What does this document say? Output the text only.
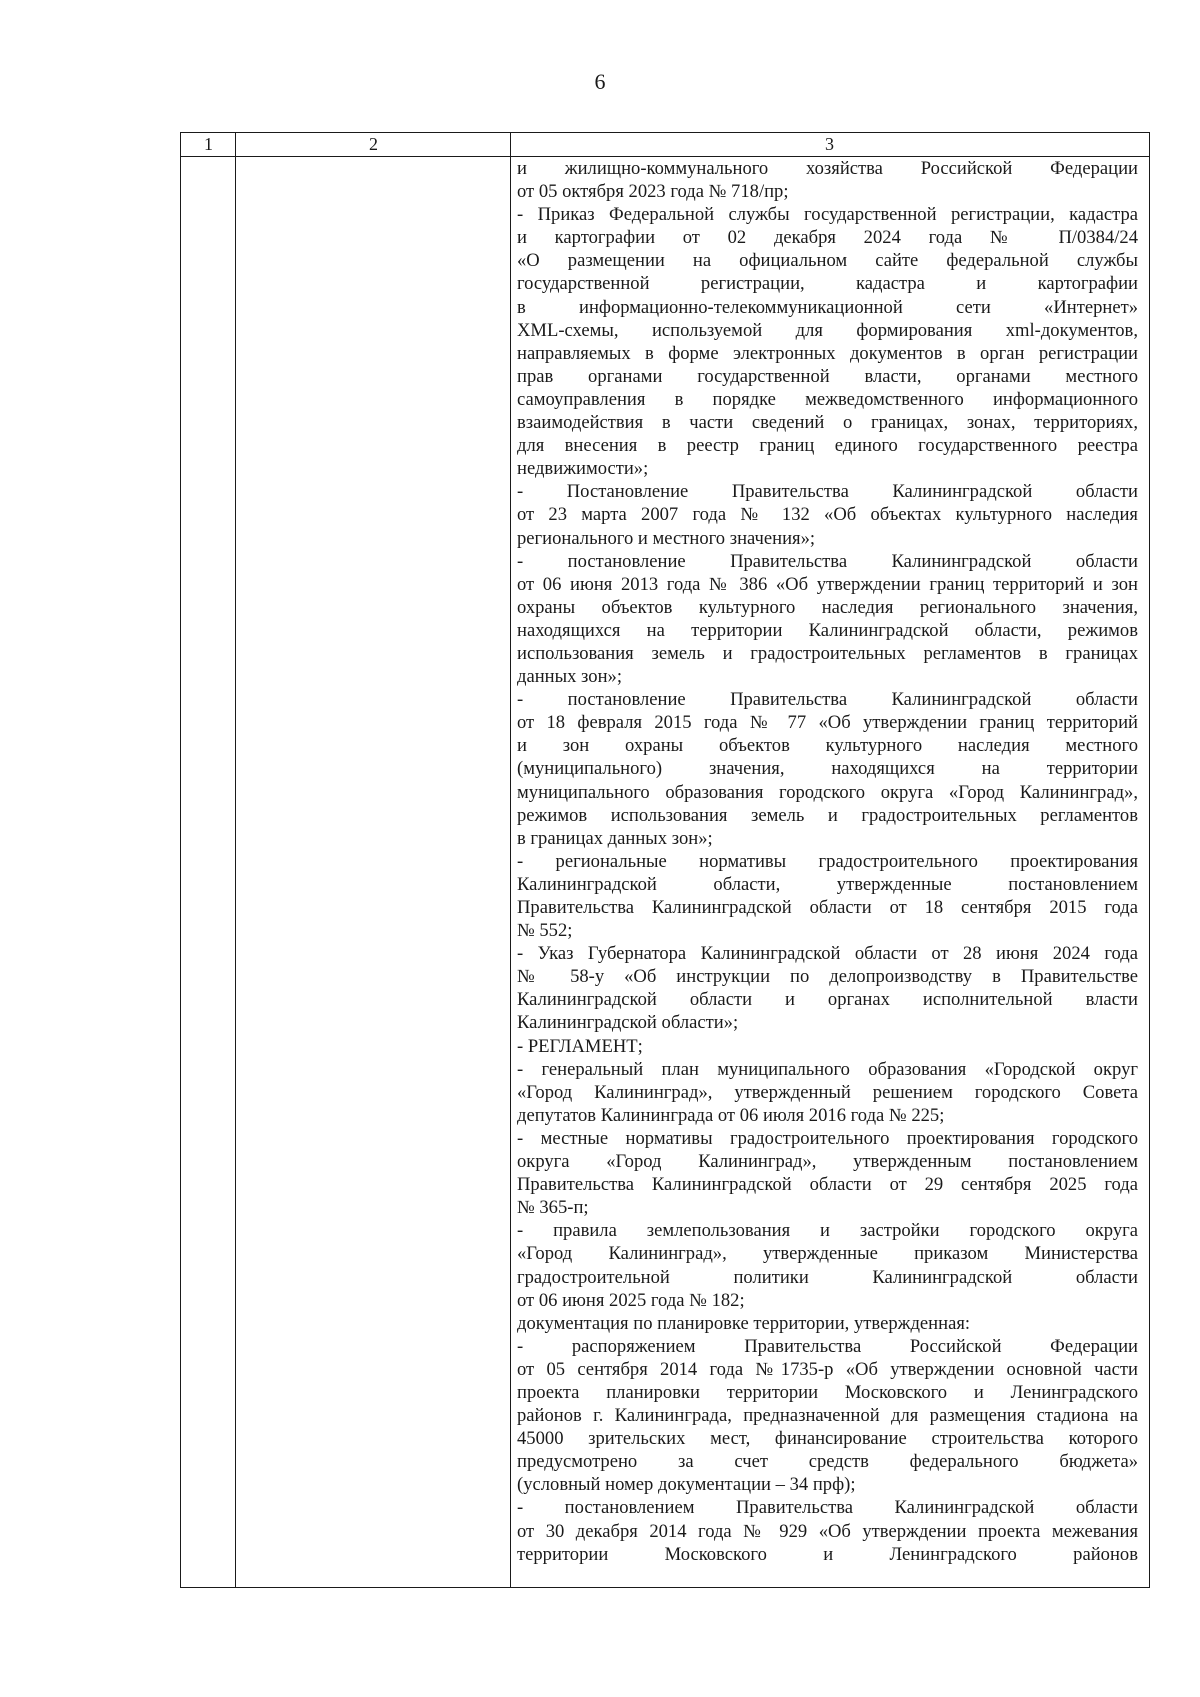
6
1	2	3
и жилищно-коммунального хозяйства Российской Федерации
от 05 октября 2023 года № 718/пр;
- Приказ Федеральной службы государственной регистрации, кадастра
и картографии от 02 декабря 2024 года № П/0384/24
«О размещении на официальном сайте федеральной службы
государственной регистрации, кадастра и картографии
в информационно-телекоммуникационной сети «Интернет»
XML-схемы, используемой для формирования xml-документов,
направляемых в форме электронных документов в орган регистрации
прав органами государственной власти, органами местного
самоуправления в порядке межведомственного информационного
взаимодействия в части сведений о границах, зонах, территориях,
для внесения в реестр границ единого государственного реестра
недвижимости»;
- Постановление Правительства Калининградской области
от 23 марта 2007 года № 132 «Об объектах культурного наследия
регионального и местного значения»;
- постановление Правительства Калининградской области
от 06 июня 2013 года № 386 «Об утверждении границ территорий и зон
охраны объектов культурного наследия регионального значения,
находящихся на территории Калининградской области, режимов
использования земель и градостроительных регламентов в границах
данных зон»;
- постановление Правительства Калининградской области
от 18 февраля 2015 года № 77 «Об утверждении границ территорий
и зон охраны объектов культурного наследия местного
(муниципального) значения, находящихся на территории
муниципального образования городского округа «Город Калининград»,
режимов использования земель и градостроительных регламентов
в границах данных зон»;
- региональные нормативы градостроительного проектирования
Калининградской области, утвержденные постановлением
Правительства Калининградской области от 18 сентября 2015 года
№ 552;
- Указ Губернатора Калининградской области от 28 июня 2024 года
№ 58-у «Об инструкции по делопроизводству в Правительстве
Калининградской области и органах исполнительной власти
Калининградской области»;
- РЕГЛАМЕНТ;
- генеральный план муниципального образования «Городской округ
«Город Калининград», утвержденный решением городского Совета
депутатов Калининграда от 06 июля 2016 года № 225;
- местные нормативы градостроительного проектирования городского
округа «Город Калининград», утвержденным постановлением
Правительства Калининградской области от 29 сентября 2025 года
№ 365-п;
- правила землепользования и застройки городского округа
«Город Калининград», утвержденные приказом Министерства
градостроительной политики Калининградской области
от 06 июня 2025 года № 182;
документация по планировке территории, утвержденная:
- распоряжением Правительства Российской Федерации
от 05 сентября 2014 года №1735-р «Об утверждении основной части
проекта планировки территории Московского и Ленинградского
районов г. Калининграда, предназначенной для размещения стадиона на
45000 зрительских мест, финансирование строительства которого
предусмотрено за счет средств федерального бюджета»
(условный номер документации – 34 прф);
- постановлением Правительства Калининградской области
от 30 декабря 2014 года № 929 «Об утверждении проекта межевания
территории Московского и Ленинградского районов
